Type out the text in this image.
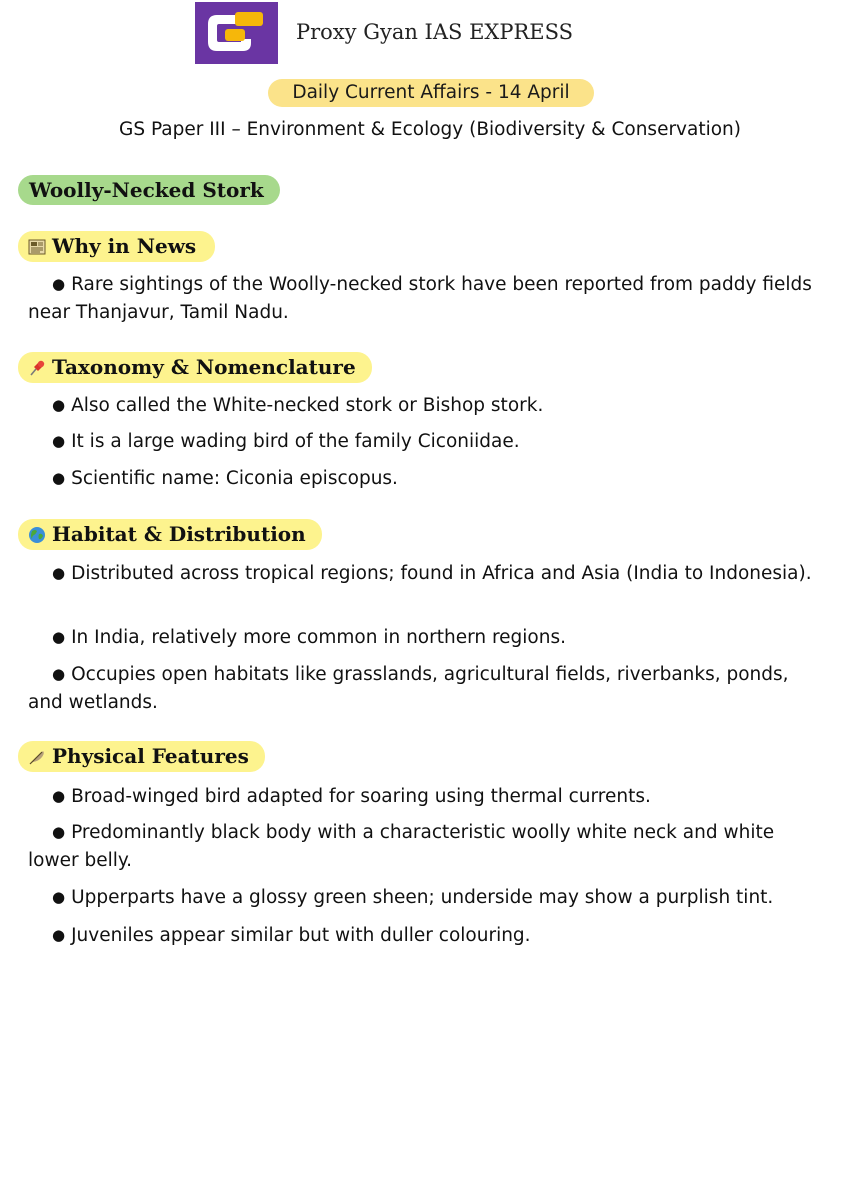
Proxy Gyan IAS EXPRESS
Daily Current Affairs - 14 April
GS Paper III – Environment & Ecology (Biodiversity & Conservation)
Woolly-Necked Stork
Why in News

● Rare sightings of the Woolly-necked stork have been reported from paddy fields near Thanjavur, Tamil Nadu.

Taxonomy & Nomenclature

● Also called the White-necked stork or Bishop stork.

● It is a large wading bird of the family Ciconiidae.

● Scientific name: Ciconia episcopus.

Habitat & Distribution

● Distributed across tropical regions; found in Africa and Asia (India to Indonesia).

● In India, relatively more common in northern regions.

● Occupies open habitats like grasslands, agricultural fields, riverbanks, ponds, and wetlands.

Physical Features

● Broad-winged bird adapted for soaring using thermal currents.

● Predominantly black body with a characteristic woolly white neck and white lower belly.

● Upperparts have a glossy green sheen; underside may show a purplish tint.

● Juveniles appear similar but with duller colouring.
